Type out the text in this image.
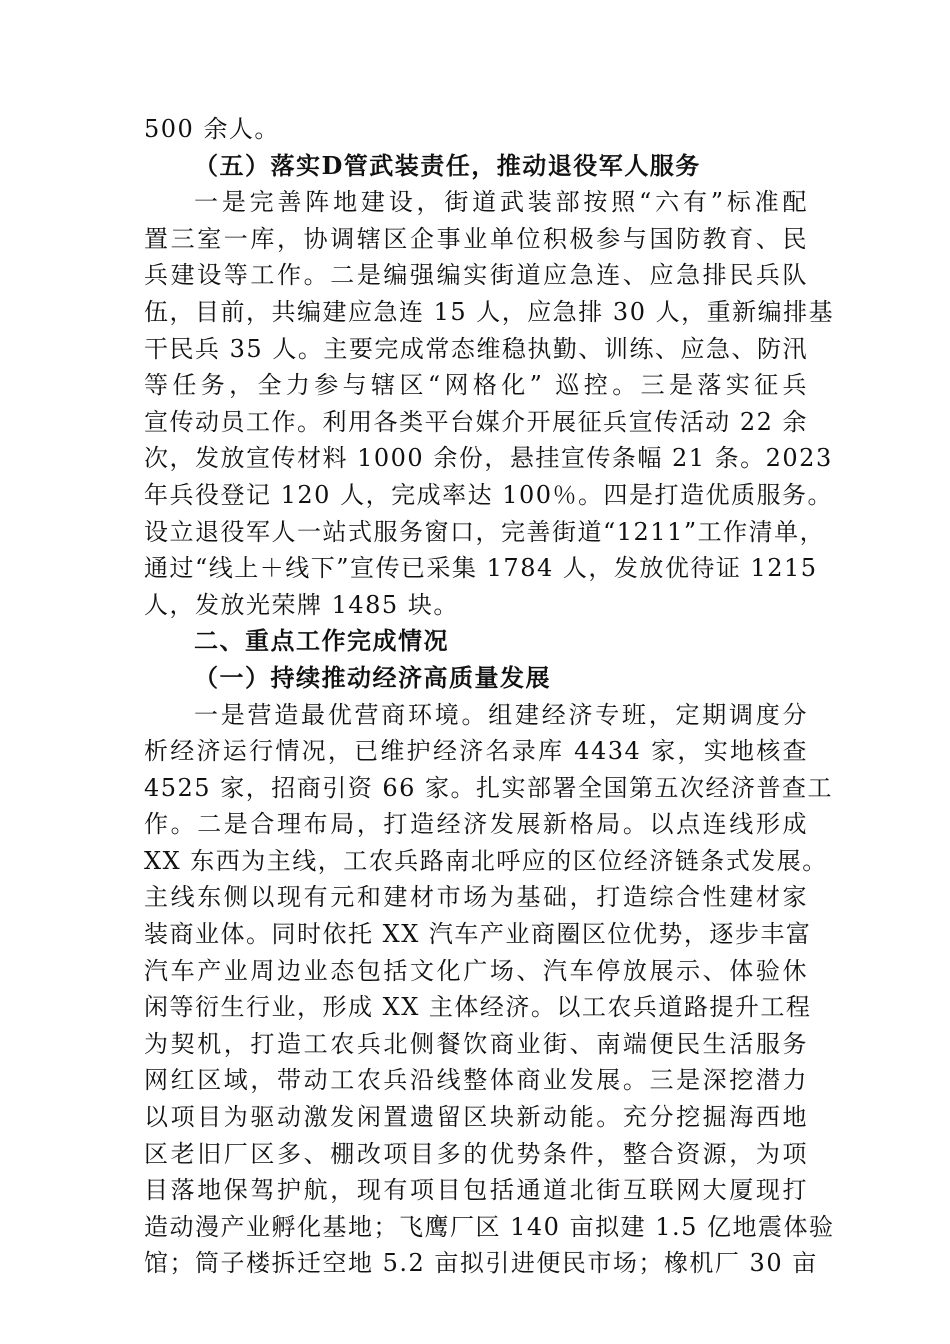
500 余人。
（五）落实D管武装责任，推动退役军人服务
一是完善阵地建设，街道武装部按照“六有”标准配
置三室一库，协调辖区企事业单位积极参与国防教育、民
兵建设等工作。二是编强编实街道应急连、应急排民兵队
伍，目前，共编建应急连 15 人，应急排 30 人，重新编排基
干民兵 35 人。主要完成常态维稳执勤、训练、应急、防汛
等任务，全力参与辖区“网格化” 巡控。三是落实征兵
宣传动员工作。利用各类平台媒介开展征兵宣传活动 22 余
次，发放宣传材料 1000 余份，悬挂宣传条幅 21 条。2023
年兵役登记 120 人，完成率达 100％。四是打造优质服务。
设立退役军人一站式服务窗口，完善街道“1211”工作清单，
通过“线上＋线下”宣传已采集 1784 人，发放优待证 1215
人，发放光荣牌 1485 块。
二、重点工作完成情况
（一）持续推动经济高质量发展
一是营造最优营商环境。组建经济专班，定期调度分
析经济运行情况，已维护经济名录库 4434 家，实地核查
4525 家，招商引资 66 家。扎实部署全国第五次经济普查工
作。二是合理布局，打造经济发展新格局。以点连线形成
XX 东西为主线，工农兵路南北呼应的区位经济链条式发展。
主线东侧以现有元和建材市场为基础，打造综合性建材家
装商业体。同时依托 XX 汽车产业商圈区位优势，逐步丰富
汽车产业周边业态包括文化广场、汽车停放展示、体验休
闲等衍生行业，形成 XX 主体经济。以工农兵道路提升工程
为契机，打造工农兵北侧餐饮商业街、南端便民生活服务
网红区域，带动工农兵沿线整体商业发展。三是深挖潜力
以项目为驱动激发闲置遗留区块新动能。充分挖掘海西地
区老旧厂区多、棚改项目多的优势条件，整合资源，为项
目落地保驾护航，现有项目包括通道北街互联网大厦现打
造动漫产业孵化基地；飞鹰厂区 140 亩拟建 1.5 亿地震体验
馆；筒子楼拆迁空地 5.2 亩拟引进便民市场；橡机厂 30 亩
